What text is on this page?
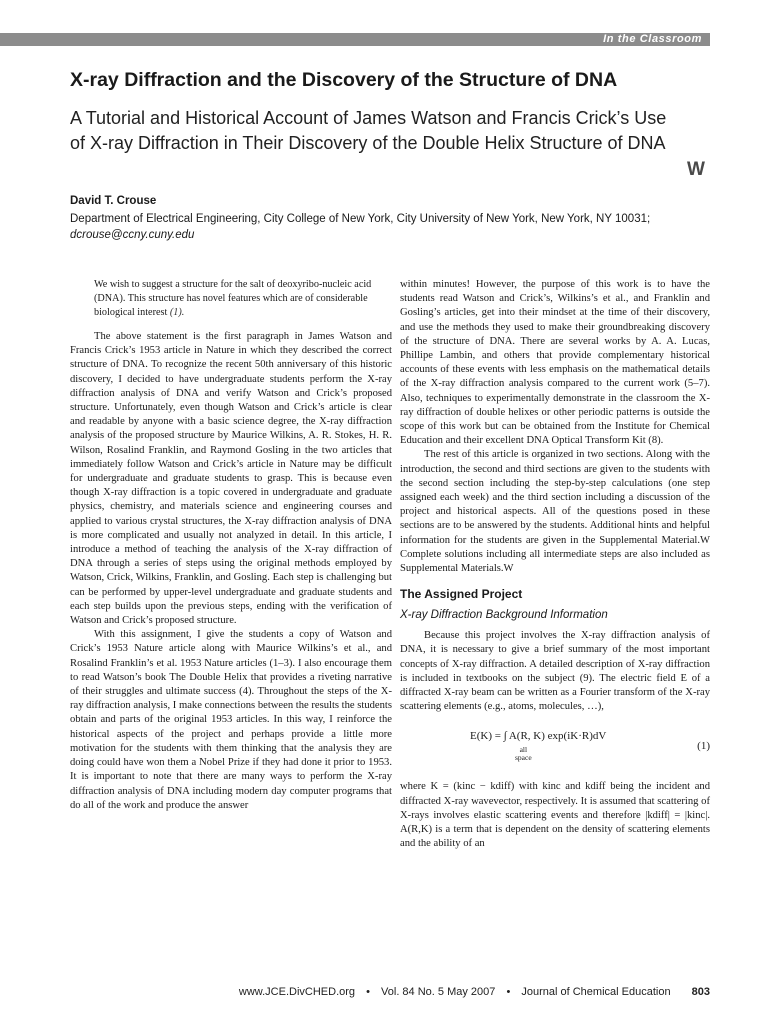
In the Classroom
X-ray Diffraction and the Discovery of the Structure of DNA
A Tutorial and Historical Account of James Watson and Francis Crick’s Use of X-ray Diffraction in Their Discovery of the Double Helix Structure of DNA
W
David T. Crouse
Department of Electrical Engineering, City College of New York, City University of New York, New York, NY 10031;
dcrouse@ccny.cuny.edu
We wish to suggest a structure for the salt of deoxyribo-nucleic acid (DNA). This structure has novel features which are of considerable biological interest (1).

The above statement is the first paragraph in James Watson and Francis Crick’s 1953 article in Nature in which they described the correct structure of DNA. To recognize the recent 50th anniversary of this historic discovery, I decided to have undergraduate students perform the X-ray diffraction analysis of DNA and verify Watson and Crick’s proposed structure. Unfortunately, even though Watson and Crick’s article is clear and readable by anyone with a basic science degree, the X-ray diffraction analysis of the proposed structure by Maurice Wilkins, A. R. Stokes, H. R. Wilson, Rosalind Franklin, and Raymond Gosling in the two articles that immediately follow Watson and Crick’s article in Nature may be difficult for undergraduate and graduate students to grasp. This is because even though X-ray diffraction is a topic covered in undergraduate and graduate physics, chemistry, and materials science and engineering courses and applied to various crystal structures, the X-ray diffraction analysis of DNA is more complicated and usually not analyzed in detail. In this article, I introduce a method of teaching the analysis of the X-ray diffraction of DNA through a series of steps using the original methods employed by Watson, Crick, Wilkins, Franklin, and Gosling. Each step is challenging but can be performed by upper-level undergraduate and graduate students and each step builds upon the previous steps, ending with the verification of Watson and Crick’s proposed structure.

With this assignment, I give the students a copy of Watson and Crick’s 1953 Nature article along with Maurice Wilkins’s et al., and Rosalind Franklin’s et al. 1953 Nature articles (1–3). I also encourage them to read Watson’s book The Double Helix that provides a riveting narrative of their struggles and ultimate success (4). Throughout the steps of the X-ray diffraction analysis, I make connections between the results the students obtain and parts of the original 1953 articles. In this way, I reinforce the historical aspects of the project and perhaps provide a little more motivation for the students with them thinking that the analysis they are doing could have won them a Nobel Prize if they had done it prior to 1953. It is important to note that there are many ways to perform the X-ray diffraction analysis of DNA including modern day computer programs that do all of the work and produce the answer

within minutes! However, the purpose of this work is to have the students read Watson and Crick’s, Wilkins’s et al., and Franklin and Gosling’s articles, get into their mindset at the time of their discovery, and use the methods they used to make their groundbreaking discovery of the structure of DNA. There are several works by A. A. Lucas, Phillipe Lambin, and others that provide complementary historical accounts of these events with less emphasis on the mathematical details of the X-ray diffraction analysis compared to the current work (5–7). Also, techniques to experimentally demonstrate in the classroom the X-ray diffraction of double helixes or other periodic patterns is outside the scope of this work but can be obtained from the Institute for Chemical Education and their excellent DNA Optical Transform Kit (8).

The rest of this article is organized in two sections. Along with the introduction, the second and third sections are given to the students with the second section including the step-by-step calculations (one step assigned each week) and the third section including a discussion of the project and historical aspects. All of the questions posed in these sections are to be answered by the students. Additional hints and helpful information for the students are given in the Supplemental Material.W Complete solutions including all intermediate steps are also included as Supplemental Materials.W

The Assigned Project
X-ray Diffraction Background Information

Because this project involves the X-ray diffraction analysis of DNA, it is necessary to give a brief summary of the most important concepts of X-ray diffraction. A detailed description of X-ray diffraction is included in textbooks on the subject (9). The electric field E of a diffracted X-ray beam can be written as a Fourier transform of the X-ray scattering elements (e.g., atoms, molecules, …),

E(K) = ∫ A(R, K) exp(iK·R)dV
all
space
(1)

where K = (kinc − kdiff) with kinc and kdiff being the incident and diffracted X-ray wavevector, respectively. It is assumed that scattering of X-rays involves elastic scattering events and therefore |kdiff| = |kinc|. A(R,K) is a term that is dependent on the density of scattering elements and the ability of an

www.JCE.DivCHED.org • Vol. 84 No. 5 May 2007 • Journal of Chemical Education 803
